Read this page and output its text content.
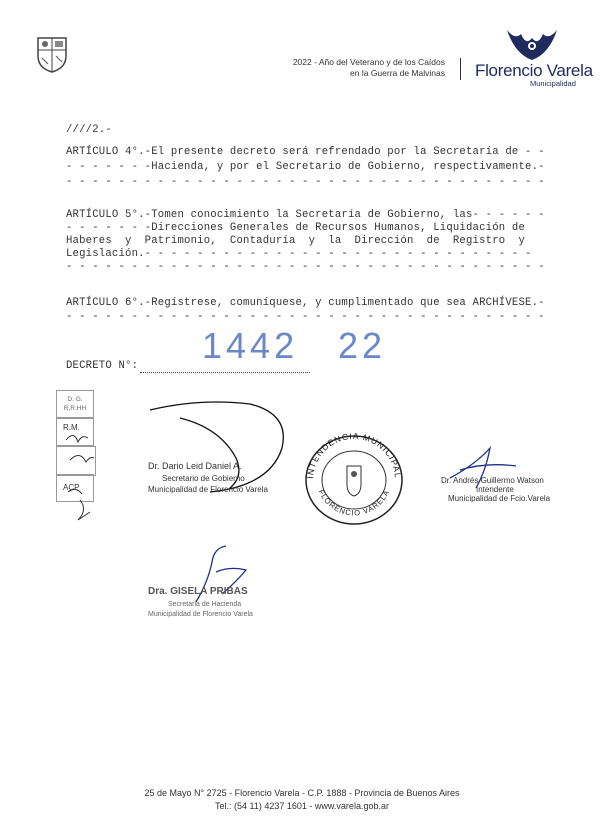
2022 - Año del Veterano y de los Caídos
en la Guerra de Malvinas Florencio Varela
Municipalidad
////2.-
ARTÍCULO 4°.-El presente decreto será refrendado por la Secretaría de - -
- - - - - - -Hacienda, y por el Secretario de Gobierno, respectivamente.-
- - - - - - - - - - - - - - - - - - - - - - - - - - - - - - - - - - - - -
ARTÍCULO 5°.-Tomen conocimiento la Secretaría de Gobierno, las- - - - - -
- - - - - - -Direcciones Generales de Recursos Humanos, Liquidación de
Haberes  y  Patrimonio,  Contaduría  y  la  Dirección  de  Registro  y
Legislación.- - - - - - - - - - - - - - - - - - - - - - - - - - - - - -
- - - - - - - - - - - - - - - - - - - - - - - - - - - - - - - - - - - - -
ARTÍCULO 6°.-Regístrese, comuníquese, y cumplimentado que sea ARCHÍVESE.-
- - - - - - - - - - - - - - - - - - - - - - - - - - - - - - - - - - - - -
DECRETO N°: 1442 22
D. G.
R.R.HH
R.M.
ACP
Dr. Dario Leid Daniel A.
Secretario de Gobierno
Municipalidad de Florencio Varela
INTENDENCIA MUNICIPAL
FLORENCIO VARELA
Dr. Andrés Guillermo Watson
Intendente
Municipalidad de Fcio.Varela
Dra. GISELA PRIBAS
Secretaria de Hacienda
Municipalidad de Florencio Varela
25 de Mayo N° 2725 - Florencio Varela - C.P. 1888 - Provincia de Buenos Aires
Tel.: (54 11) 4237 1601 - www.varela.gob.ar
